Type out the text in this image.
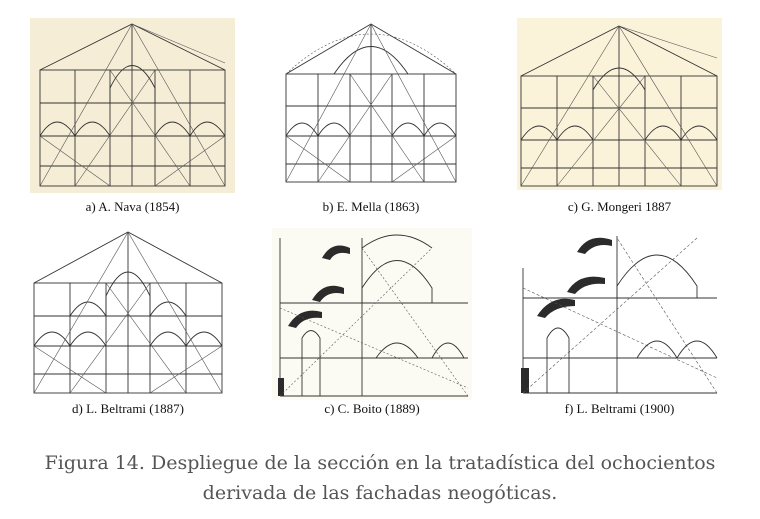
a) A. Nava (1854)	b) E. Mella (1863)	c) G. Mongeri 1887
d) L. Beltrami (1887)	c) C. Boito (1889)	f) L. Beltrami (1900)
Figura 14. Despliegue de la sección en la tratadística del ochocientos
derivada de las fachadas neogóticas.
